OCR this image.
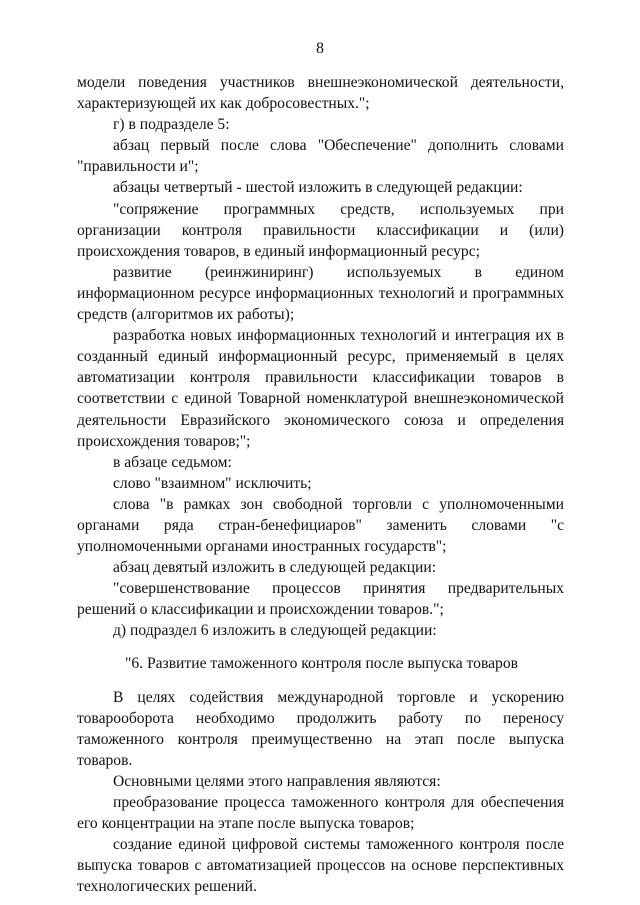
8

модели поведения участников внешнеэкономической деятельности, характеризующей их как добросовестных.";

г) в подразделе 5:

абзац первый после слова "Обеспечение" дополнить словами "правильности и";

абзацы четвертый - шестой изложить в следующей редакции:

"сопряжение программных средств, используемых при организации контроля правильности классификации и (или) происхождения товаров, в единый информационный ресурс;

развитие (реинжиниринг) используемых в едином информационном ресурсе информационных технологий и программных средств (алгоритмов их работы);

разработка новых информационных технологий и интеграция их в созданный единый информационный ресурс, применяемый в целях автоматизации контроля правильности классификации товаров в соответствии с единой Товарной номенклатурой внешнеэкономической деятельности Евразийского экономического союза и определения происхождения товаров;";

в абзаце седьмом:

слово "взаимном" исключить;

слова "в рамках зон свободной торговли с уполномоченными органами ряда стран-бенефициаров" заменить словами "с уполномоченными органами иностранных государств";

абзац девятый изложить в следующей редакции:

"совершенствование процессов принятия предварительных решений о классификации и происхождении товаров.";

д) подраздел 6 изложить в следующей редакции:

"6. Развитие таможенного контроля после выпуска товаров

В целях содействия международной торговле и ускорению товарооборота необходимо продолжить работу по переносу таможенного контроля преимущественно на этап после выпуска товаров.

Основными целями этого направления являются:

преобразование процесса таможенного контроля для обеспечения его концентрации на этапе после выпуска товаров;

создание единой цифровой системы таможенного контроля после выпуска товаров с автоматизацией процессов на основе перспективных технологических решений.
